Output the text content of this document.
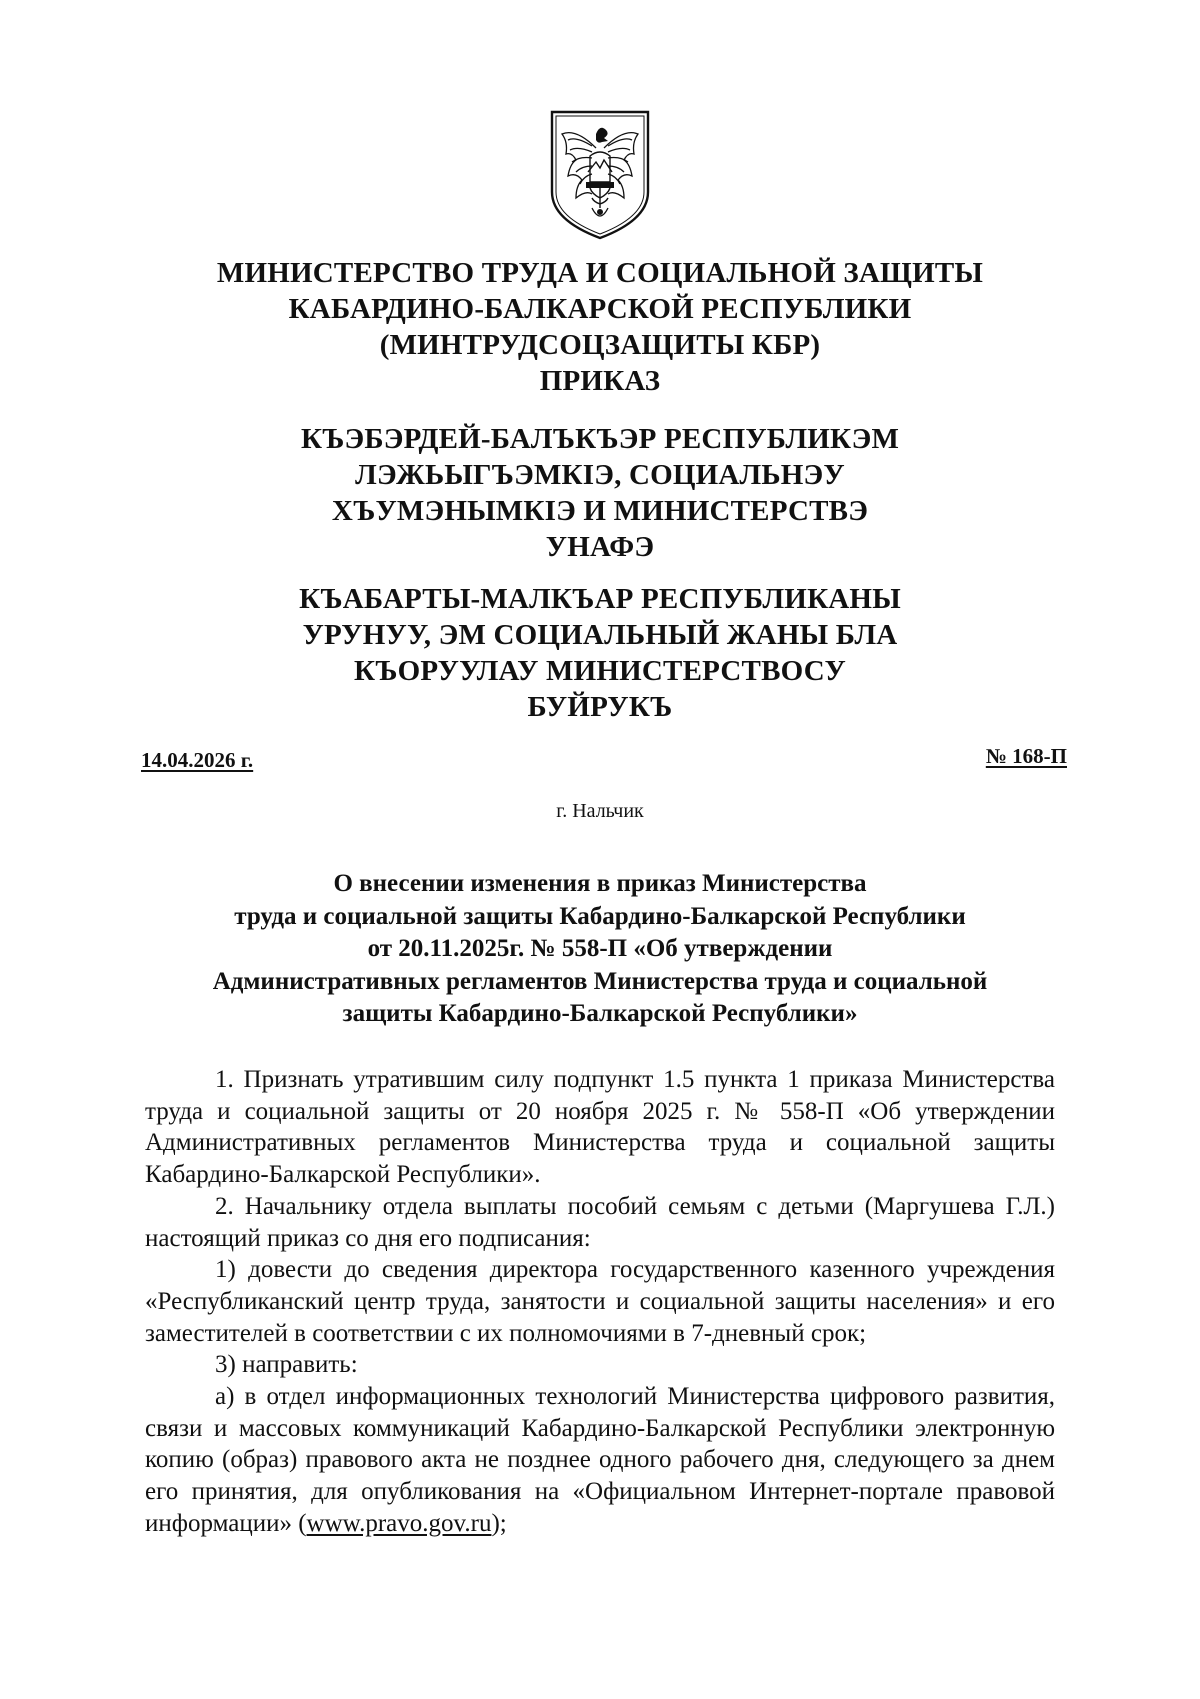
МИНИСТЕРСТВО ТРУДА И СОЦИАЛЬНОЙ ЗАЩИТЫ
КАБАРДИНО-БАЛКАРСКОЙ РЕСПУБЛИКИ
(МИНТРУДСОЦЗАЩИТЫ КБР)
ПРИКАЗ
КЪЭБЭРДЕЙ-БАЛЪКЪЭР РЕСПУБЛИКЭМ
ЛЭЖЬЫГЪЭМКIЭ, СОЦИАЛЬНЭУ
ХЪУМЭНЫМКIЭ И МИНИСТЕРСТВЭ
УНАФЭ
КЪАБАРТЫ-МАЛКЪАР РЕСПУБЛИКАНЫ
УРУНУУ, ЭМ СОЦИАЛЬНЫЙ ЖАНЫ БЛА
КЪОРУУЛАУ МИНИСТЕРСТВОСУ
БУЙРУКЪ
14.04.2026 г.	№ 168-П
г. Нальчик
О внесении изменения в приказ Министерства
труда и социальной защиты Кабардино-Балкарской Республики
от 20.11.2025г. № 558-П «Об утверждении
Административных регламентов Министерства труда и социальной
защиты Кабардино-Балкарской Республики»

1. Признать утратившим силу подпункт 1.5 пункта 1 приказа Министерства труда и социальной защиты от 20 ноября 2025 г. № 558-П «Об утверждении Административных регламентов Министерства труда и социальной защиты Кабардино-Балкарской Республики».

2. Начальнику отдела выплаты пособий семьям с детьми (Маргушева Г.Л.) настоящий приказ со дня его подписания:

1) довести до сведения директора государственного казенного учреждения «Республиканский центр труда, занятости и социальной защиты населения» и его заместителей в соответствии с их полномочиями в 7-дневный срок;

3) направить:

а) в отдел информационных технологий Министерства цифрового развития, связи и массовых коммуникаций Кабардино-Балкарской Республики электронную копию (образ) правового акта не позднее одного рабочего дня, следующего за днем его принятия, для опубликования на «Официальном Интернет-портале правовой информации» (www.pravo.gov.ru);
